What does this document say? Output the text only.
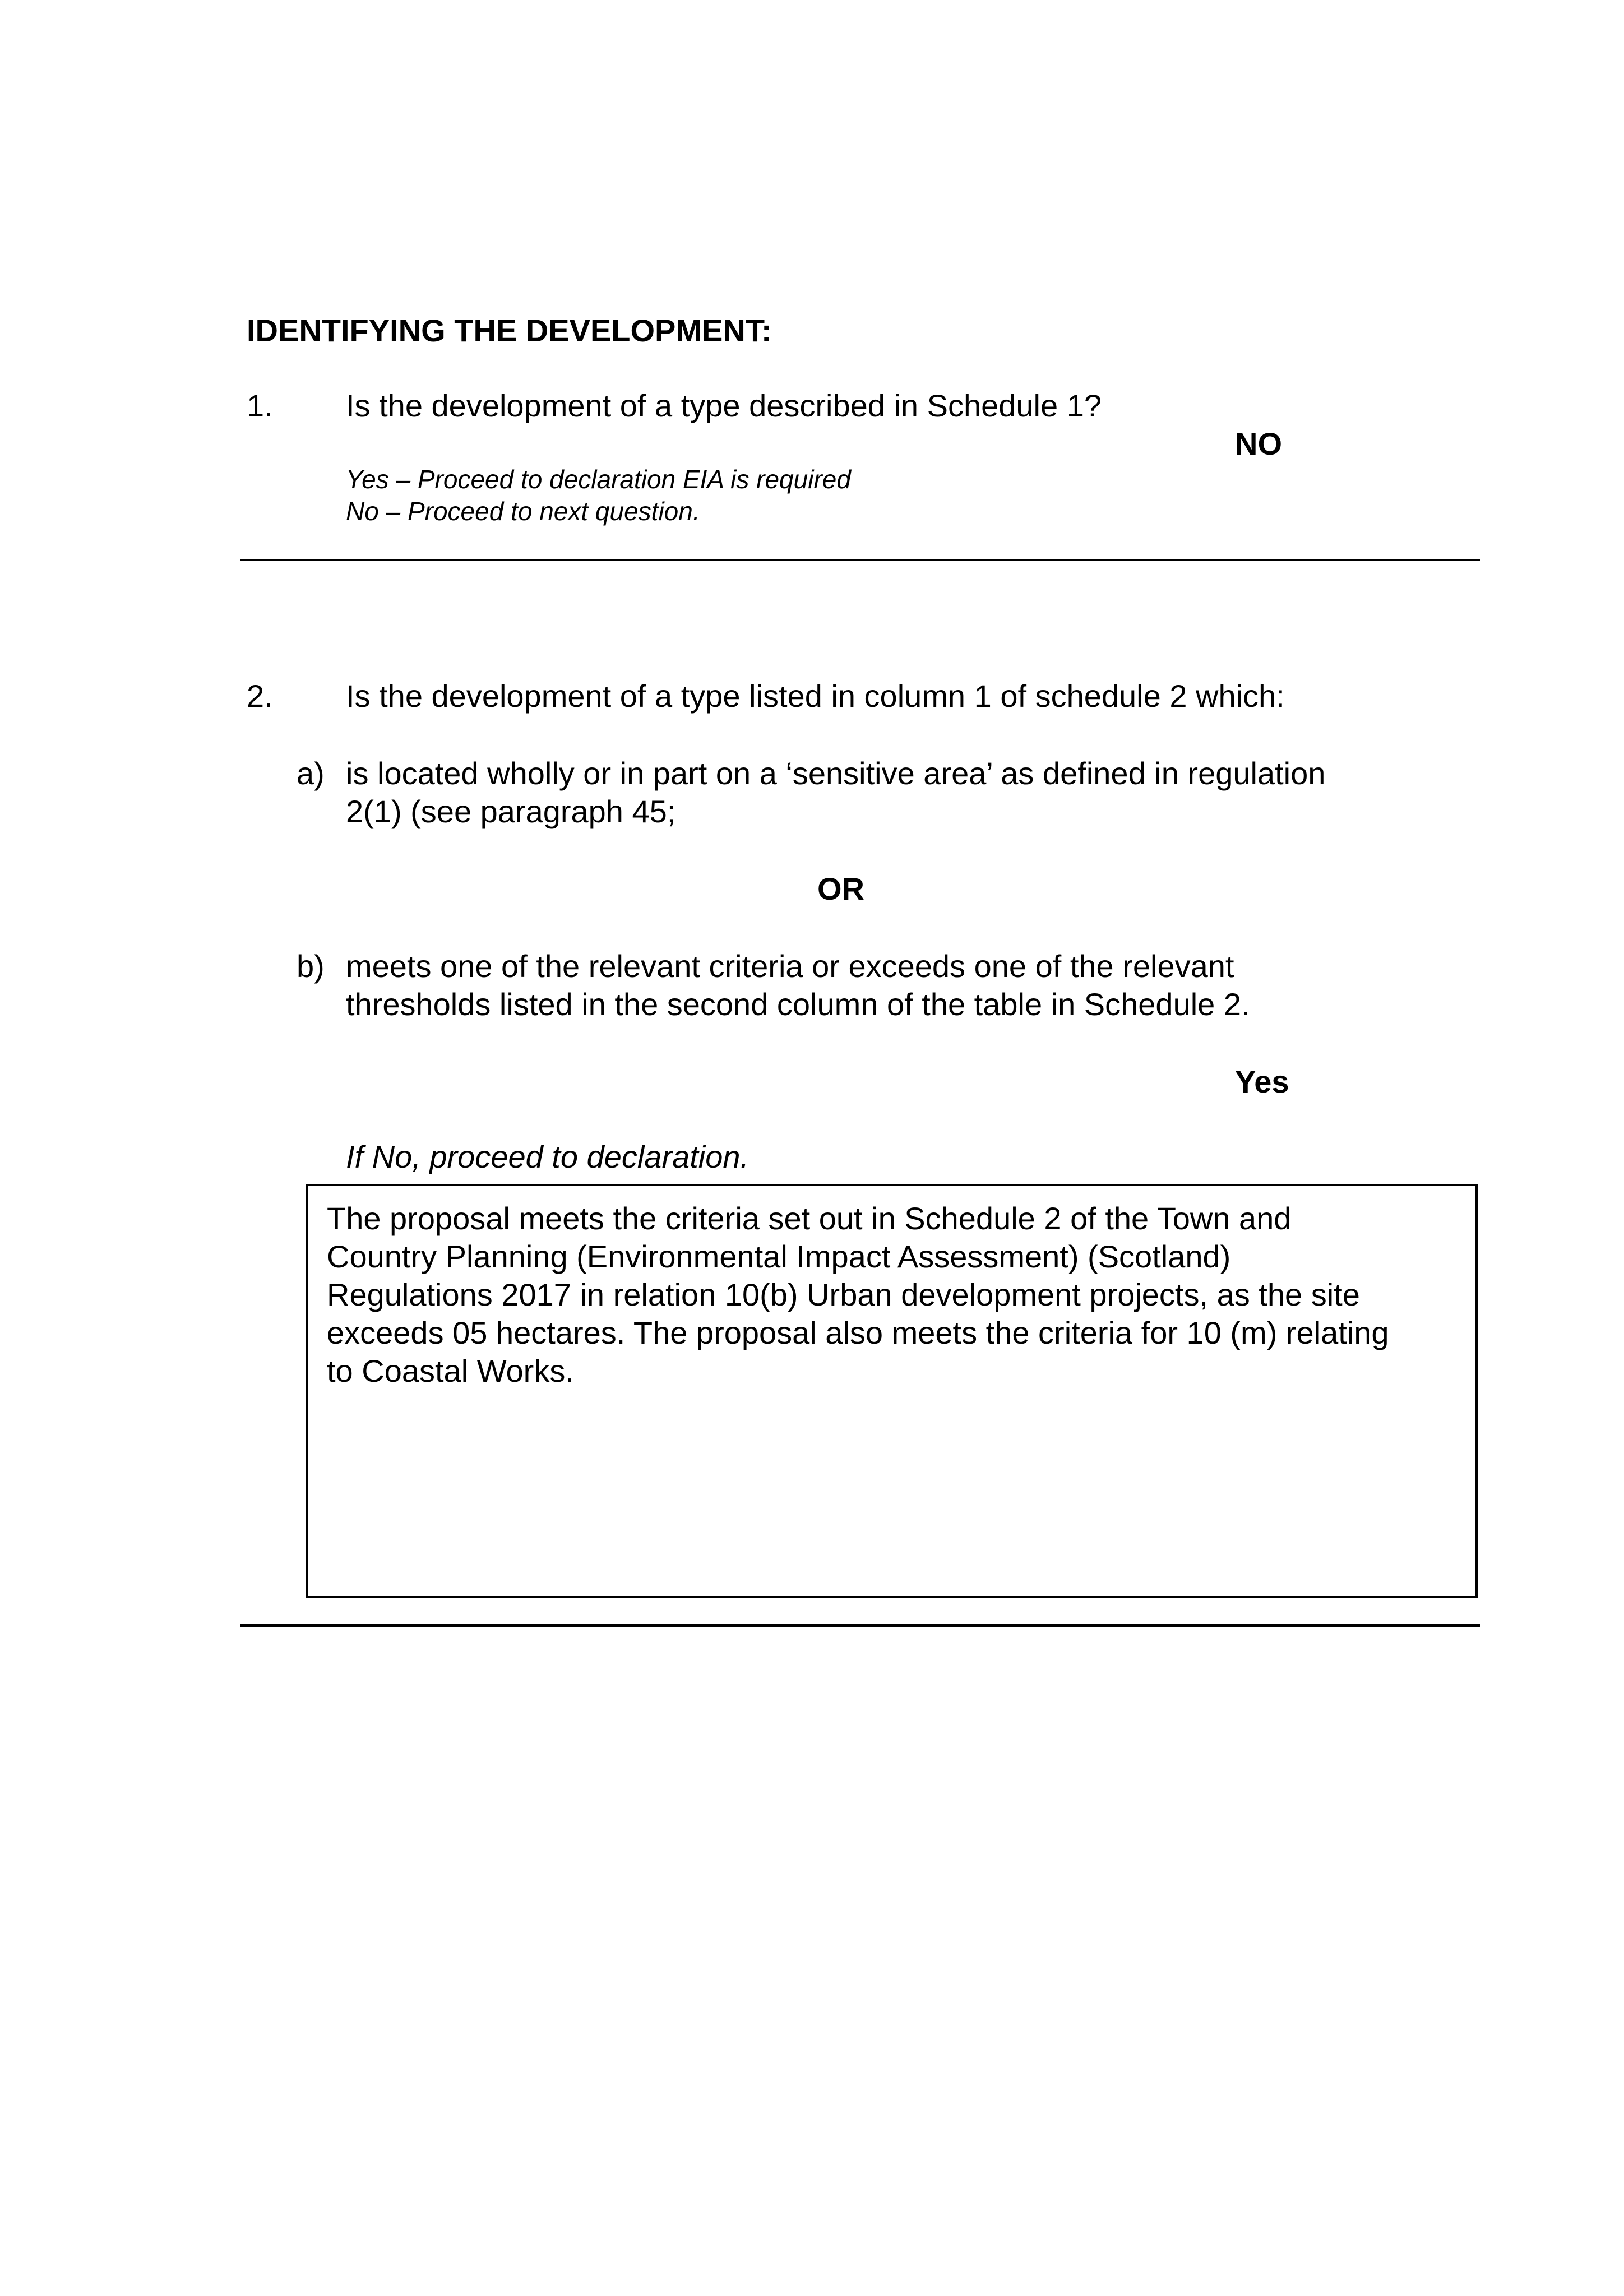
IDENTIFYING THE DEVELOPMENT:
1. Is the development of a type described in Schedule 1?
NO
Yes – Proceed to declaration EIA is required
No – Proceed to next question.
2. Is the development of a type listed in column 1 of schedule 2 which:
a) is located wholly or in part on a ‘sensitive area’ as defined in regulation
2(1) (see paragraph 45;
OR
b) meets one of the relevant criteria or exceeds one of the relevant
thresholds listed in the second column of the table in Schedule 2.
Yes
If No, proceed to declaration.
The proposal meets the criteria set out in Schedule 2 of the Town and
Country Planning (Environmental Impact Assessment) (Scotland)
Regulations 2017 in relation 10(b) Urban development projects, as the site
exceeds 05 hectares. The proposal also meets the criteria for 10 (m) relating
to Coastal Works.
